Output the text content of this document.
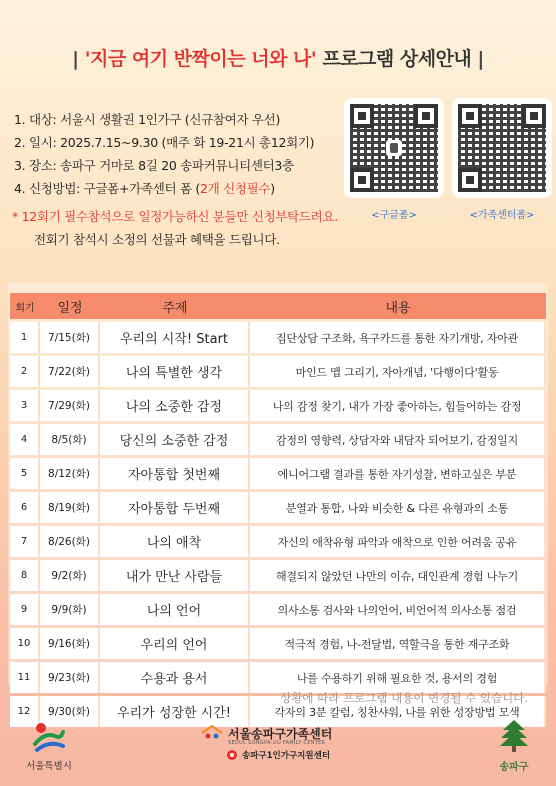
| '지금 여기 반짝이는 너와 나' 프로그램 상세안내 |
1. 대상: 서울시 생활권 1인가구 (신규참여자 우선)
2. 일시: 2025.7.15~9.30 (매주 화 19-21시 총12회기)
3. 장소: 송파구 거마로 8길 20 송파커뮤니티센터3층
4. 신청방법: 구글폼+가족센터 폼 (2개 신청필수)
* 12회기 필수참석으로 일정가능하신 분들만 신청부탁드려요.
전회기 참석시 소정의 선물과 혜택을 드립니다.
<구글폼>	<가족센터폼>
회기	일정	주제	내용
1	7/15(화)	우리의 시작! Start	집단상담 구조화, 욕구카드를 통한 자기개방, 자아관
2	7/22(화)	나의 특별한 생각	마인드 맵 그리기, 자아개념, '다행이다'활동
3	7/29(화)	나의 소중한 감정	나의 감정 찾기, 내가 가장 좋아하는, 힘들어하는 감정
4	8/5(화)	당신의 소중한 감정	감정의 영향력, 상담자와 내담자 되어보기, 감정일지
5	8/12(화)	자아통합 첫번째	에니어그램 결과를 통한 자기성찰, 변하고싶은 부분
6	8/19(화)	자아통합 두번째	분열과 통합, 나와 비슷한 & 다른 유형과의 소통
7	8/26(화)	나의 애착	자신의 애착유형 파악과 애착으로 인한 어려움 공유
8	9/2(화)	내가 만난 사람들	해결되지 않았던 나만의 이슈, 대인관계 경험 나누기
9	9/9(화)	나의 언어	의사소통 검사와 나의언어, 비언어적 의사소통 점검
10	9/16(화)	우리의 언어	적극적 경험, 나-전달법, 역할극을 통한 재구조화
11	9/23(화)	수용과 용서	나를 수용하기 위해 필요한 것, 용서의 경험
12	9/30(화)	우리가 성장한 시간!	각자의 3분 칼럼, 칭찬샤워, 나를 위한 성장방법 모색
상황에 따라 프로그램 내용이 변경될 수 있습니다.
서울특별시
서울송파구가족센터
SEOUL SONGPA-GU FAMILY CENTER
송파구1인가구지원센터
송파구
